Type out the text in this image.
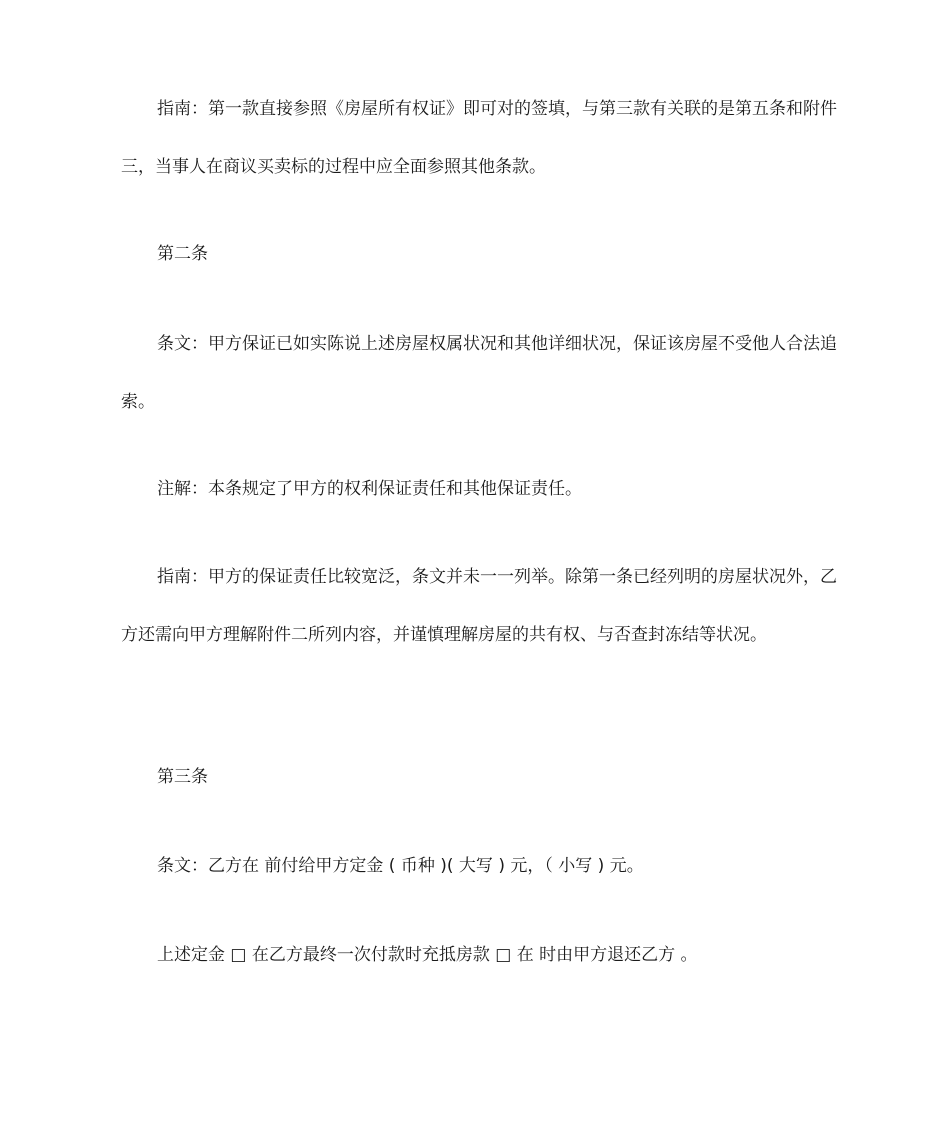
指南：第一款直接参照《房屋所有权证》即可对的签填，与第三款有关联的是第五条和附件三，当事人在商议买卖标的过程中应全面参照其他条款。

第二条

条文：甲方保证已如实陈说上述房屋权属状况和其他详细状况，保证该房屋不受他人合法追索。

注解：本条规定了甲方的权利保证责任和其他保证责任。

指南：甲方的保证责任比较宽泛，条文并未一一列举。除第一条已经列明的房屋状况外，乙方还需向甲方理解附件二所列内容，并谨慎理解房屋的共有权、与否查封冻结等状况。

第三条

条文：乙方在 前付给甲方定金 ( 币种 )( 大写 ) 元，（ 小写 ) 元。

上述定金 □ 在乙方最终一次付款时充抵房款 □ 在 时由甲方退还乙方 。
